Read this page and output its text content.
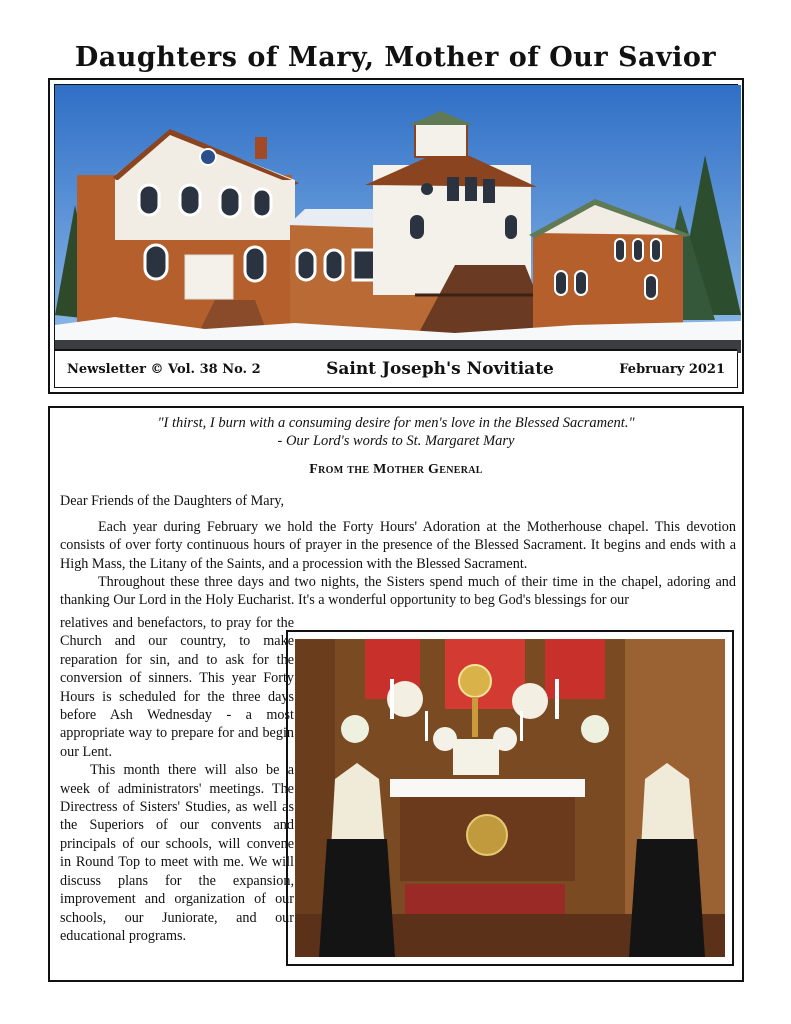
Daughters of Mary, Mother of Our Savior
Newsletter © Vol. 38 No. 2	Saint Joseph's Novitiate	February 2021
"I thirst, I burn with a consuming desire for men's love in the Blessed Sacrament."
- Our Lord's words to St. Margaret Mary
From the Mother General
Dear Friends of the Daughters of Mary,
Each year during February we hold the Forty Hours' Adoration at the Motherhouse chapel. This devotion consists of over forty continuous hours of prayer in the presence of the Blessed Sacrament. It begins and ends with a High Mass, the Litany of the Saints, and a procession with the Blessed Sacrament.
Throughout these three days and two nights, the Sisters spend much of their time in the chapel, adoring and thanking Our Lord in the Holy Eucharist. It's a wonderful opportunity to beg God's blessings for our

relatives and benefactors, to pray for the Church and our country, to make reparation for sin, and to ask for the conversion of sinners. This year Forty Hours is scheduled for the three days before Ash Wednesday - a most appropriate way to prepare for and begin our Lent.

This month there will also be a week of administrators' meetings. The Directress of Sisters' Studies, as well as the Superiors of our convents and principals of our schools, will convene in Round Top to meet with me. We will discuss plans for the expansion, improvement and organization of our schools, our Juniorate, and our educational programs.
